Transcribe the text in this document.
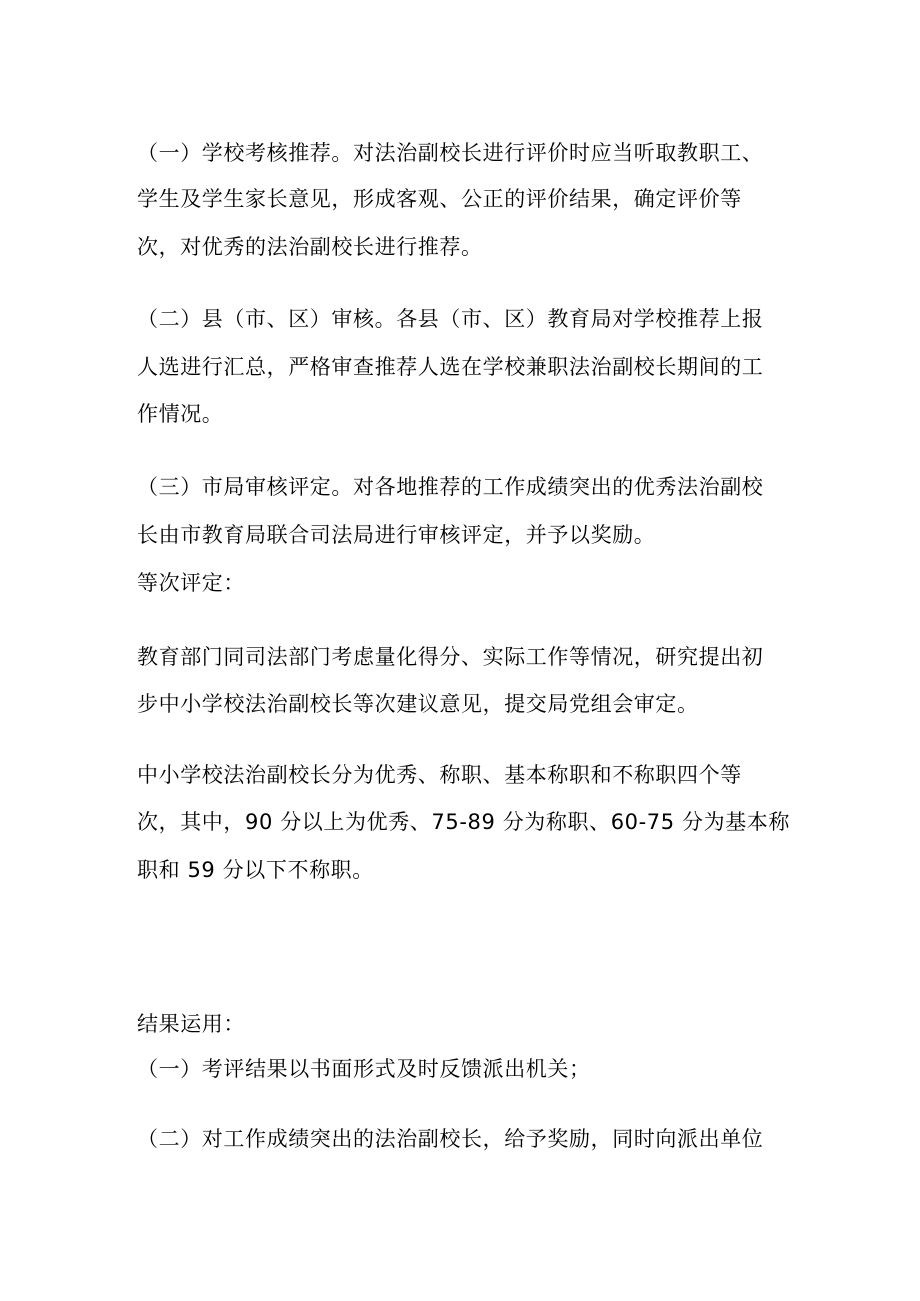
（一）学校考核推荐。对法治副校长进行评价时应当听取教职工、
学生及学生家长意见，形成客观、公正的评价结果，确定评价等
次，对优秀的法治副校长进行推荐。
（二）县（市、区）审核。各县（市、区）教育局对学校推荐上报
人选进行汇总，严格审查推荐人选在学校兼职法治副校长期间的工
作情况。
（三）市局审核评定。对各地推荐的工作成绩突出的优秀法治副校
长由市教育局联合司法局进行审核评定，并予以奖励。
等次评定：
教育部门同司法部门考虑量化得分、实际工作等情况，研究提出初
步中小学校法治副校长等次建议意见，提交局党组会审定。
中小学校法治副校长分为优秀、称职、基本称职和不称职四个等
次，其中，90 分以上为优秀、75-89 分为称职、60-75 分为基本称
职和 59 分以下不称职。
结果运用：
（一）考评结果以书面形式及时反馈派出机关；
（二）对工作成绩突出的法治副校长，给予奖励，同时向派出单位
